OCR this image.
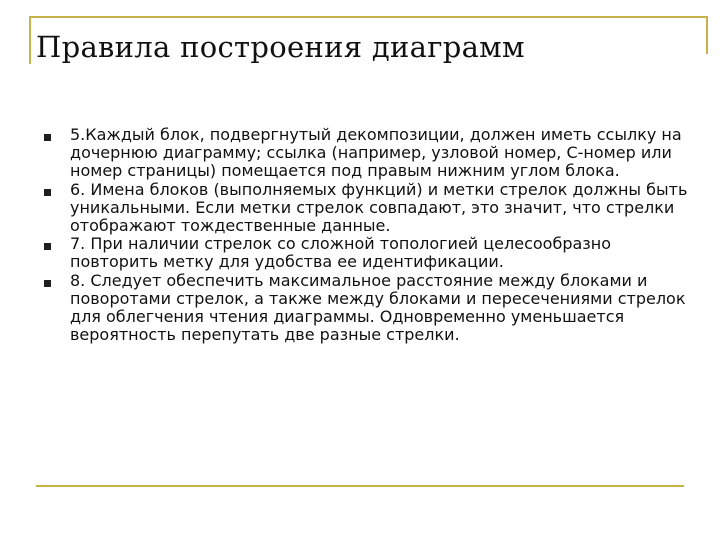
Правила построения диаграмм
5.Каждый блок, подвергнутый декомпозиции, должен иметь ссылку на дочернюю диаграмму; ссылка (например, узловой номер, С-номер или номер страницы) помещается под правым нижним углом блока.
6. Имена блоков (выполняемых функций) и метки стрелок должны быть уникальными. Если метки стрелок совпадают, это значит, что стрелки отображают тождественные данные.
7. При наличии стрелок со сложной топологией целесообразно повторить метку для удобства ее идентификации.
8. Следует обеспечить максимальное расстояние между блоками и поворотами стрелок, а также между блоками и пересечениями стрелок для облегчения чтения диаграммы. Одновременно уменьшается вероятность перепутать две разные стрелки.
